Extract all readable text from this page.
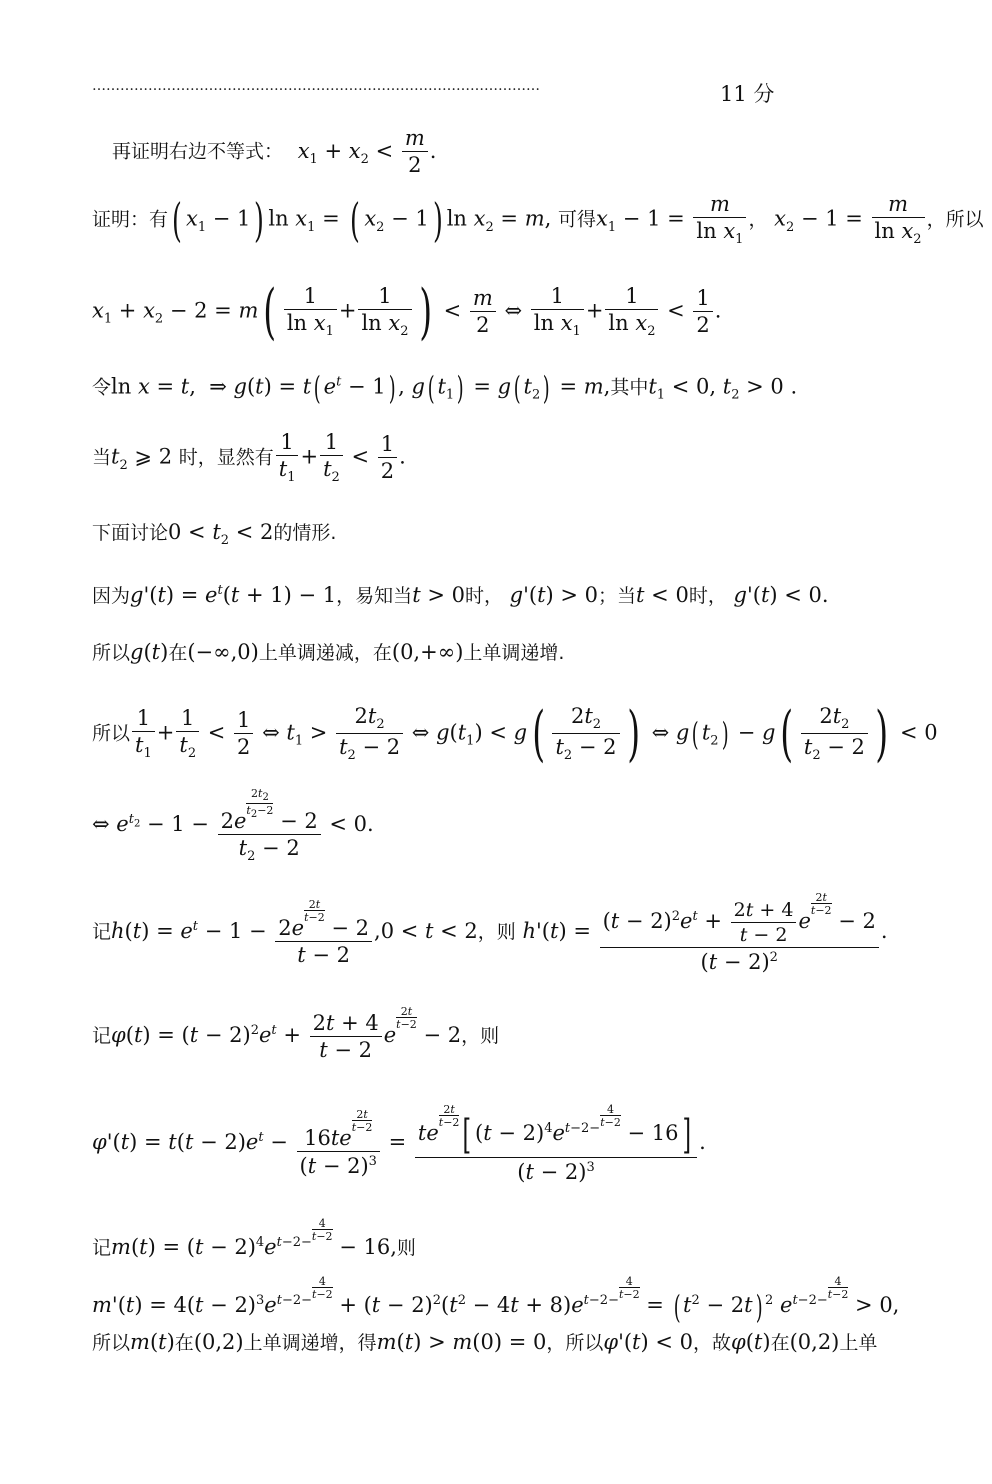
……………………………………………………………………………………	11 分
再证明右边不等式： $x_1 + x_2 < \frac{m}{2}$ .
证明：有( $x_1 - 1$) $\ln x_1$ = ( $x_2 - 1$) $\ln x_2 = m$, 可得$x_1 - 1 = \frac{m}{\ln x_1}$ ， $x_2 - 1 = \frac{m}{\ln x_2}$ ，所以
$x_1 + x_2 - 2 = m( \frac{1}{\ln x_1} + \frac{1}{\ln x_2}$ ) < $\frac{m}{2}$ ⇔ $\frac{1}{\ln x_1} + \frac{1}{\ln x_2} < \frac{1}{2}$ .
令ln x = t,  ⇒ g(t) = t( $e^t - 1$) , g( $t_1) = g$( $t_2) = m$,其中$t_1 < 0$, $t_2 > 0$ .
当$t_2$ ⩾ 2 时，显然有 $\frac{1}{t_1} + \frac{1}{t_2} < \frac{1}{2}$ .
下面讨论$0 < t_2 < 2$的情形.
因为$g'(t) = e^t(t + 1) - 1$，易知当t > 0时， g'(t) > 0；当t < 0时， g'(t) < 0.
所以g(t)在(−∞,0)上单调递减，在(0,+∞)上单调递增.
所以 $\frac{1}{t_1} + \frac{1}{t_2} < \frac{1}{2}$ ⇔ $t_1 > \frac{2t_2}{t_2 - 2}$ ⇔ $g(t_1) < g( \frac{2t_2}{t_2 - 2}$ ) ⇔ g( $t_2) - g( \frac{2t_2}{t_2 - 2}$ ) < 0
⇔ $e^{t_2} - 1 - 2e$
$^{\frac{2t_2}{t_2-2}}$
− 2
$t_2 - 2 < 0$.
记$h(t) = e^t - 1 - 2e$
$^{\frac{2t}{t-2}}$
− 2
t − 2 ,0 < t < 2，则 $h'(t) = (t - 2)^2e^t + \frac{2t + 4}{t - 2}$ e
$^{\frac{2t}{t-2}}$
− 2
$(t - 2)^2$ .
记$\varphi(t) = (t - 2)^2e^t + \frac{2t + 4}{t - 2}$ e
$^{\frac{2t}{t-2}}$
− 2，则
$\varphi'(t) = t(t - 2)e^t - 16te$
$^{\frac{2t}{t-2}}$
$(t - 2)^3$ = te
$^{\frac{2t}{t-2}}$ [ $(t - 2)^4e^{t-2- \frac{4}{t-2}}$
− 16]
$(t - 2)^3$ .
记$m(t) = (t - 2)^4e^{t-2- \frac{4}{t-2}}$
− 16,则
$m'(t) = 4(t - 2)^3e^{t-2- \frac{4}{t-2}}$
+ $(t - 2)^2(t^2 - 4t + 8)e^{t-2- \frac{4}{t-2}}$
= ( $t^2 - 2t$) $^2$ $e^{t-2- \frac{4}{t-2}}$
> 0,
所以m(t)在(0,2)上单调递增，得m(t) > m(0) = 0，所以φ'(t) < 0，故φ(t)在(0,2)上单
